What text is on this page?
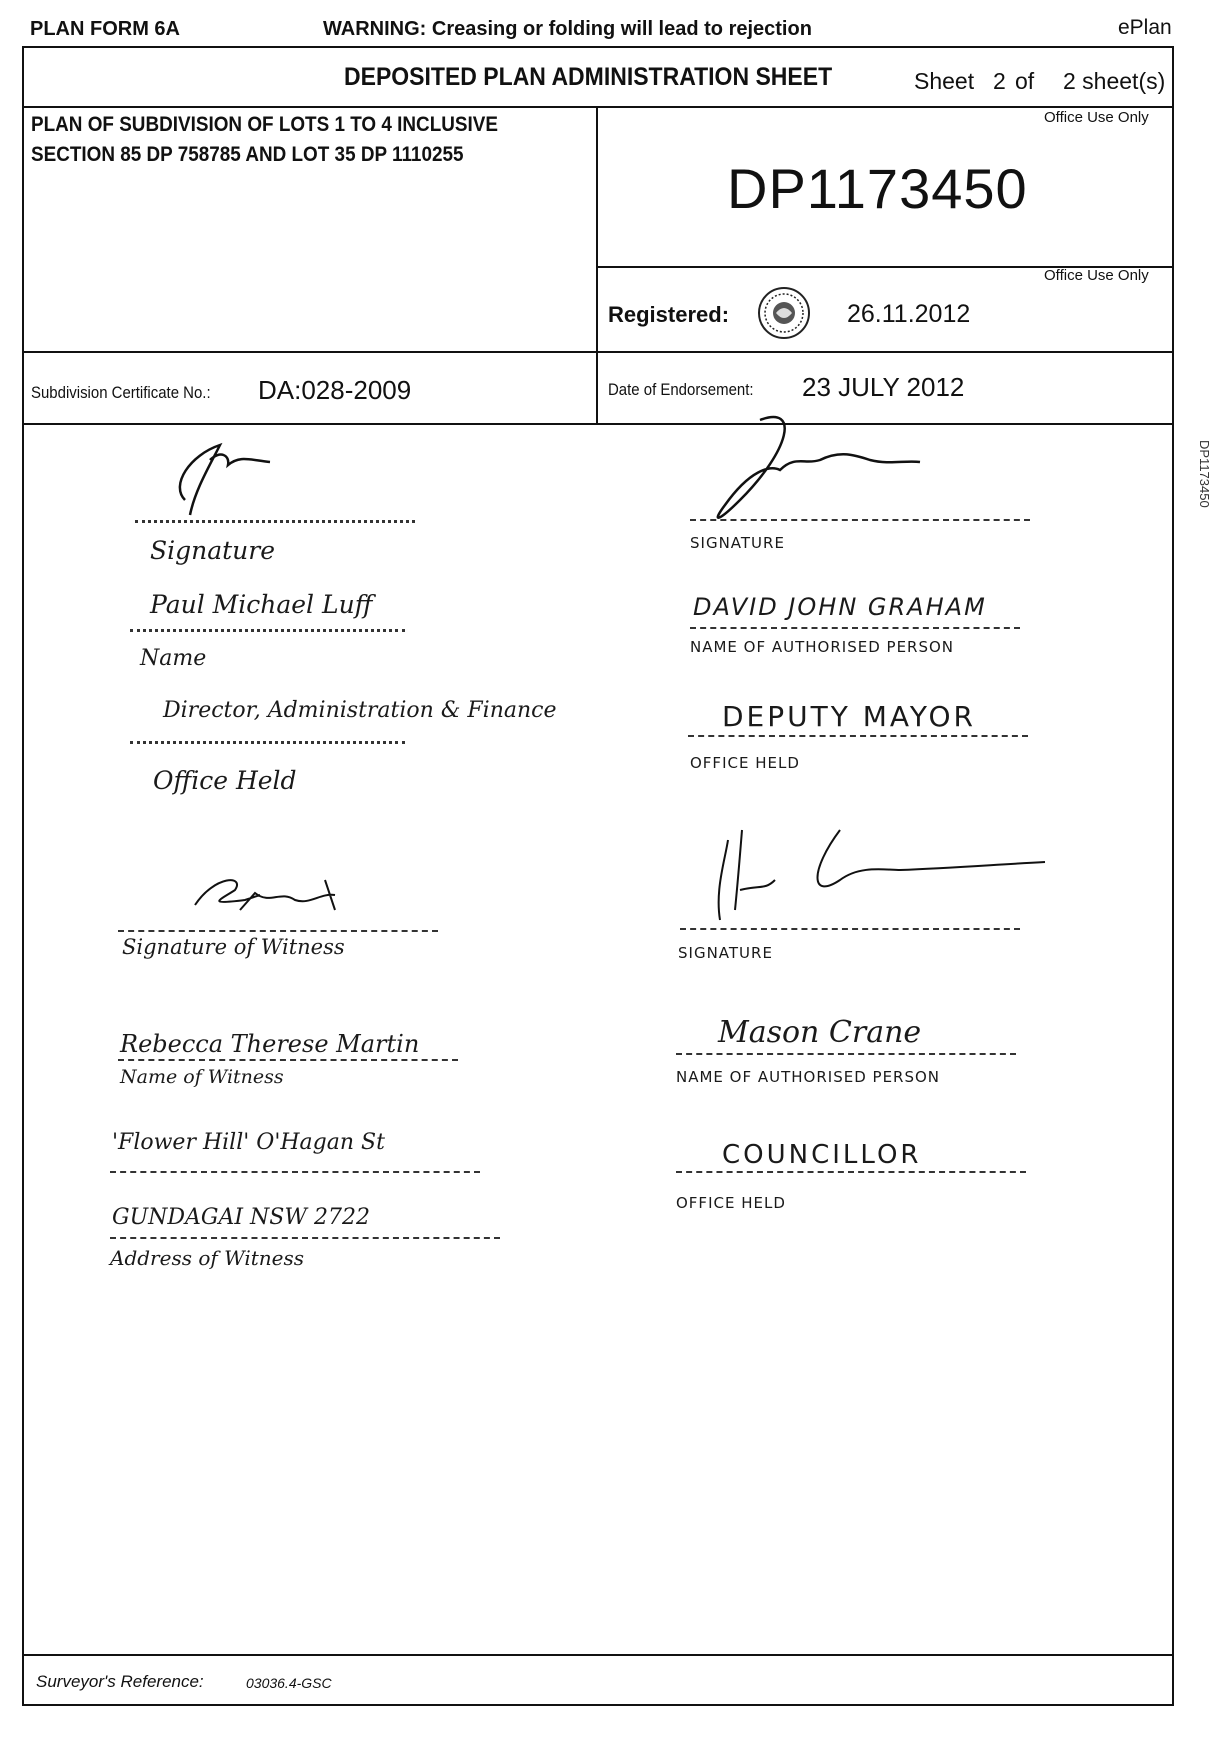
PLAN FORM 6A	WARNING: Creasing or folding will lead to rejection	ePlan
DEPOSITED PLAN ADMINISTRATION SHEET	Sheet 2 of 2 sheet(s)
PLAN OF SUBDIVISION OF LOTS 1 TO 4 INCLUSIVE
SECTION 85 DP 758785 AND LOT 35 DP 1110255
Office Use Only
DP1173450
Office Use Only
Registered:	26.11.2012
Subdivision Certificate No.: DA:028-2009	Date of Endorsement: 23 JULY 2012
Signature
Paul Michael Luff
Name
Director, Administration & Finance
Office Held
Signature of Witness
Rebecca Therese Martin
Name of Witness
'Flower Hill' O'Hagan St
GUNDAGAI NSW 2722
Address of Witness
SIGNATURE
DAVID JOHN GRAHAM
NAME OF AUTHORISED PERSON
DEPUTY MAYOR
OFFICE HELD
SIGNATURE
Mason Crane
NAME OF AUTHORISED PERSON
COUNCILLOR
OFFICE HELD
Surveyor's Reference:	03036.4-GSC
DP1173450
